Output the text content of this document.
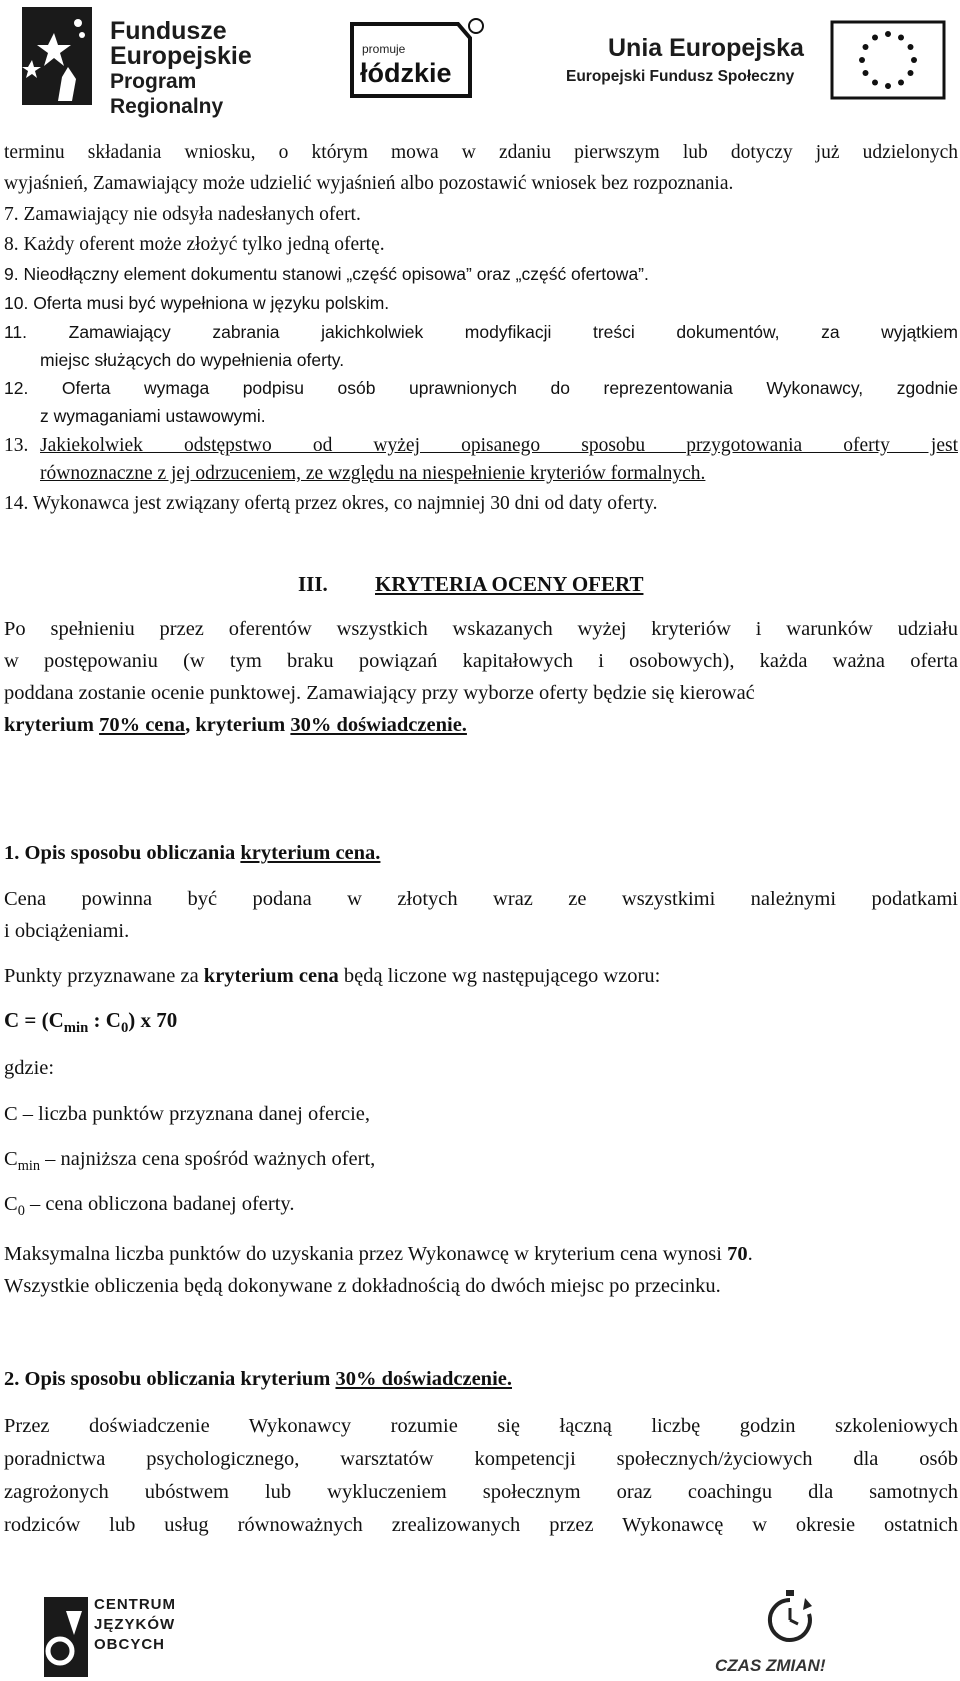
Fundusze
Europejskie
Program Regionalny
promuje
łódzkie
Unia Europejska
Europejski Fundusz Społeczny
terminu składania wniosku, o którym mowa w zdaniu pierwszym lub dotyczy już udzielonych
wyjaśnień, Zamawiający może udzielić wyjaśnień albo pozostawić wniosek bez rozpoznania.
7. Zamawiający nie odsyła nadesłanych ofert.
8. Każdy oferent może złożyć tylko jedną ofertę.
9. Nieodłączny element dokumentu stanowi „część opisowa” oraz „część ofertowa”.
10. Oferta musi być wypełniona w języku polskim.
11. Zamawiający zabrania jakichkolwiek modyfikacji treści dokumentów, za wyjątkiem
miejsc służących do wypełnienia oferty.
12. Oferta wymaga podpisu osób uprawnionych do reprezentowania Wykonawcy, zgodnie
z wymaganiami ustawowymi.
13. Jakiekolwiek odstępstwo od wyżej opisanego sposobu przygotowania oferty jest
równoznaczne z jej odrzuceniem, ze względu na niespełnienie kryteriów formalnych.
14. Wykonawca jest związany ofertą przez okres, co najmniej 30 dni od daty oferty.
III. KRYTERIA OCENY OFERT
Po spełnieniu przez oferentów wszystkich wskazanych wyżej kryteriów i warunków udziału
w postępowaniu (w tym braku powiązań kapitałowych i osobowych), każda ważna oferta
poddana zostanie ocenie punktowej. Zamawiający przy wyborze oferty będzie się kierować
kryterium 70% cena, kryterium 30% doświadczenie.
1. Opis sposobu obliczania kryterium cena.
Cena powinna być podana w złotych wraz ze wszystkimi należnymi podatkami
i obciążeniami.
Punkty przyznawane za kryterium cena będą liczone wg następującego wzoru:
$C = (C_{min}$ : $C_0$) x 70
gdzie:
C – liczba punktów przyznana danej ofercie,
$C_{min}$ – najniższa cena spośród ważnych ofert,
$C_0$ – cena obliczona badanej oferty.
Maksymalna liczba punktów do uzyskania przez Wykonawcę w kryterium cena wynosi 70.
Wszystkie obliczenia będą dokonywane z dokładnością do dwóch miejsc po przecinku.
2. Opis sposobu obliczania kryterium 30% doświadczenie.
Przez doświadczenie Wykonawcy rozumie się łączną liczbę godzin szkoleniowych
poradnictwa psychologicznego, warsztatów kompetencji społecznych/życiowych dla osób
zagrożonych ubóstwem lub wykluczeniem społecznym oraz coachingu dla samotnych
rodziców lub usług równoważnych zrealizowanych przez Wykonawcę w okresie ostatnich
CENTRUM
JĘZYKÓW
OBCYCH
CZAS ZMIAN!
